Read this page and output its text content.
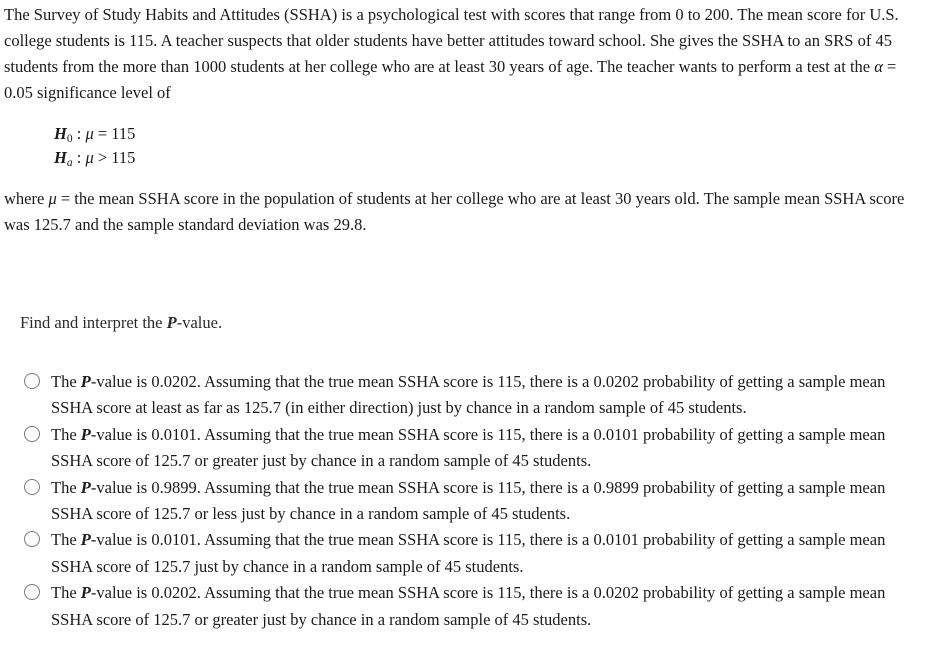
The Survey of Study Habits and Attitudes (SSHA) is a psychological test with scores that range from 0 to 200. The mean score for U.S. college students is 115. A teacher suspects that older students have better attitudes toward school. She gives the SSHA to an SRS of 45 students from the more than 1000 students at her college who are at least 30 years of age. The teacher wants to perform a test at the α = 0.05 significance level of

H0 : μ = 115
$H_a$ : μ > 115

where μ = the mean SSHA score in the population of students at her college who are at least 30 years old. The sample mean SSHA score was 125.7 and the sample standard deviation was 29.8.

Find and interpret the P-value.
The P-value is 0.0202. Assuming that the true mean SSHA score is 115, there is a 0.0202 probability of getting a sample mean SSHA score at least as far as 125.7 (in either direction) just by chance in a random sample of 45 students.
The P-value is 0.0101. Assuming that the true mean SSHA score is 115, there is a 0.0101 probability of getting a sample mean SSHA score of 125.7 or greater just by chance in a random sample of 45 students.
The P-value is 0.9899. Assuming that the true mean SSHA score is 115, there is a 0.9899 probability of getting a sample mean SSHA score of 125.7 or less just by chance in a random sample of 45 students.
The P-value is 0.0101. Assuming that the true mean SSHA score is 115, there is a 0.0101 probability of getting a sample mean SSHA score of 125.7 just by chance in a random sample of 45 students.
The P-value is 0.0202. Assuming that the true mean SSHA score is 115, there is a 0.0202 probability of getting a sample mean SSHA score of 125.7 or greater just by chance in a random sample of 45 students.
